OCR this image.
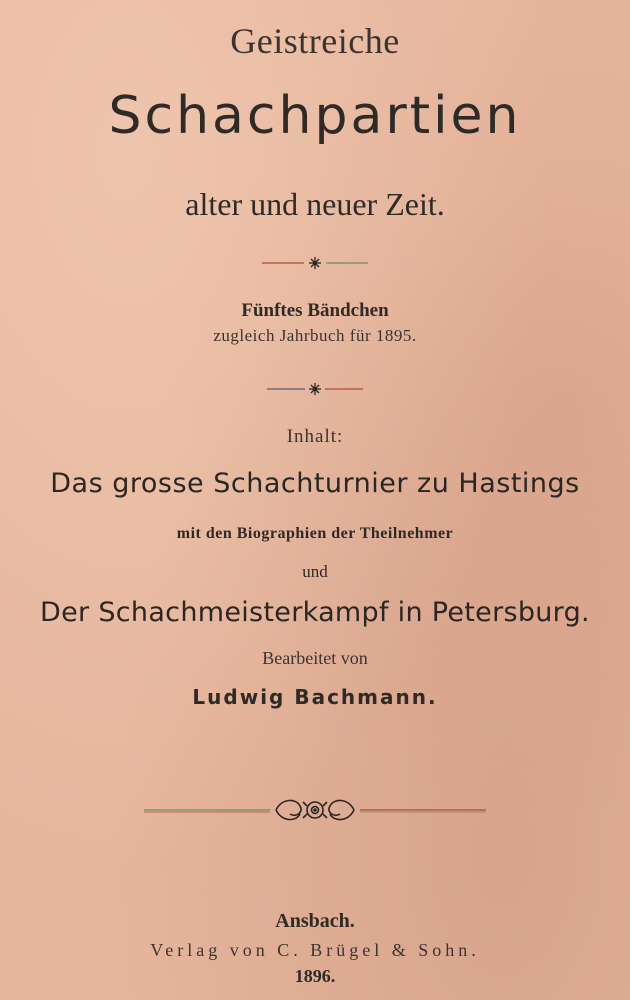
Geistreiche
Schachpartien
alter und neuer Zeit.
Fünftes Bändchen
zugleich Jahrbuch für 1895.
Inhalt:
Das grosse Schachturnier zu Hastings
mit den Biographien der Theilnehmer
und
Der Schachmeisterkampf in Petersburg.
Bearbeitet von
Ludwig Bachmann.
Ansbach.
Verlag von C. Brügel & Sohn.
1896.
